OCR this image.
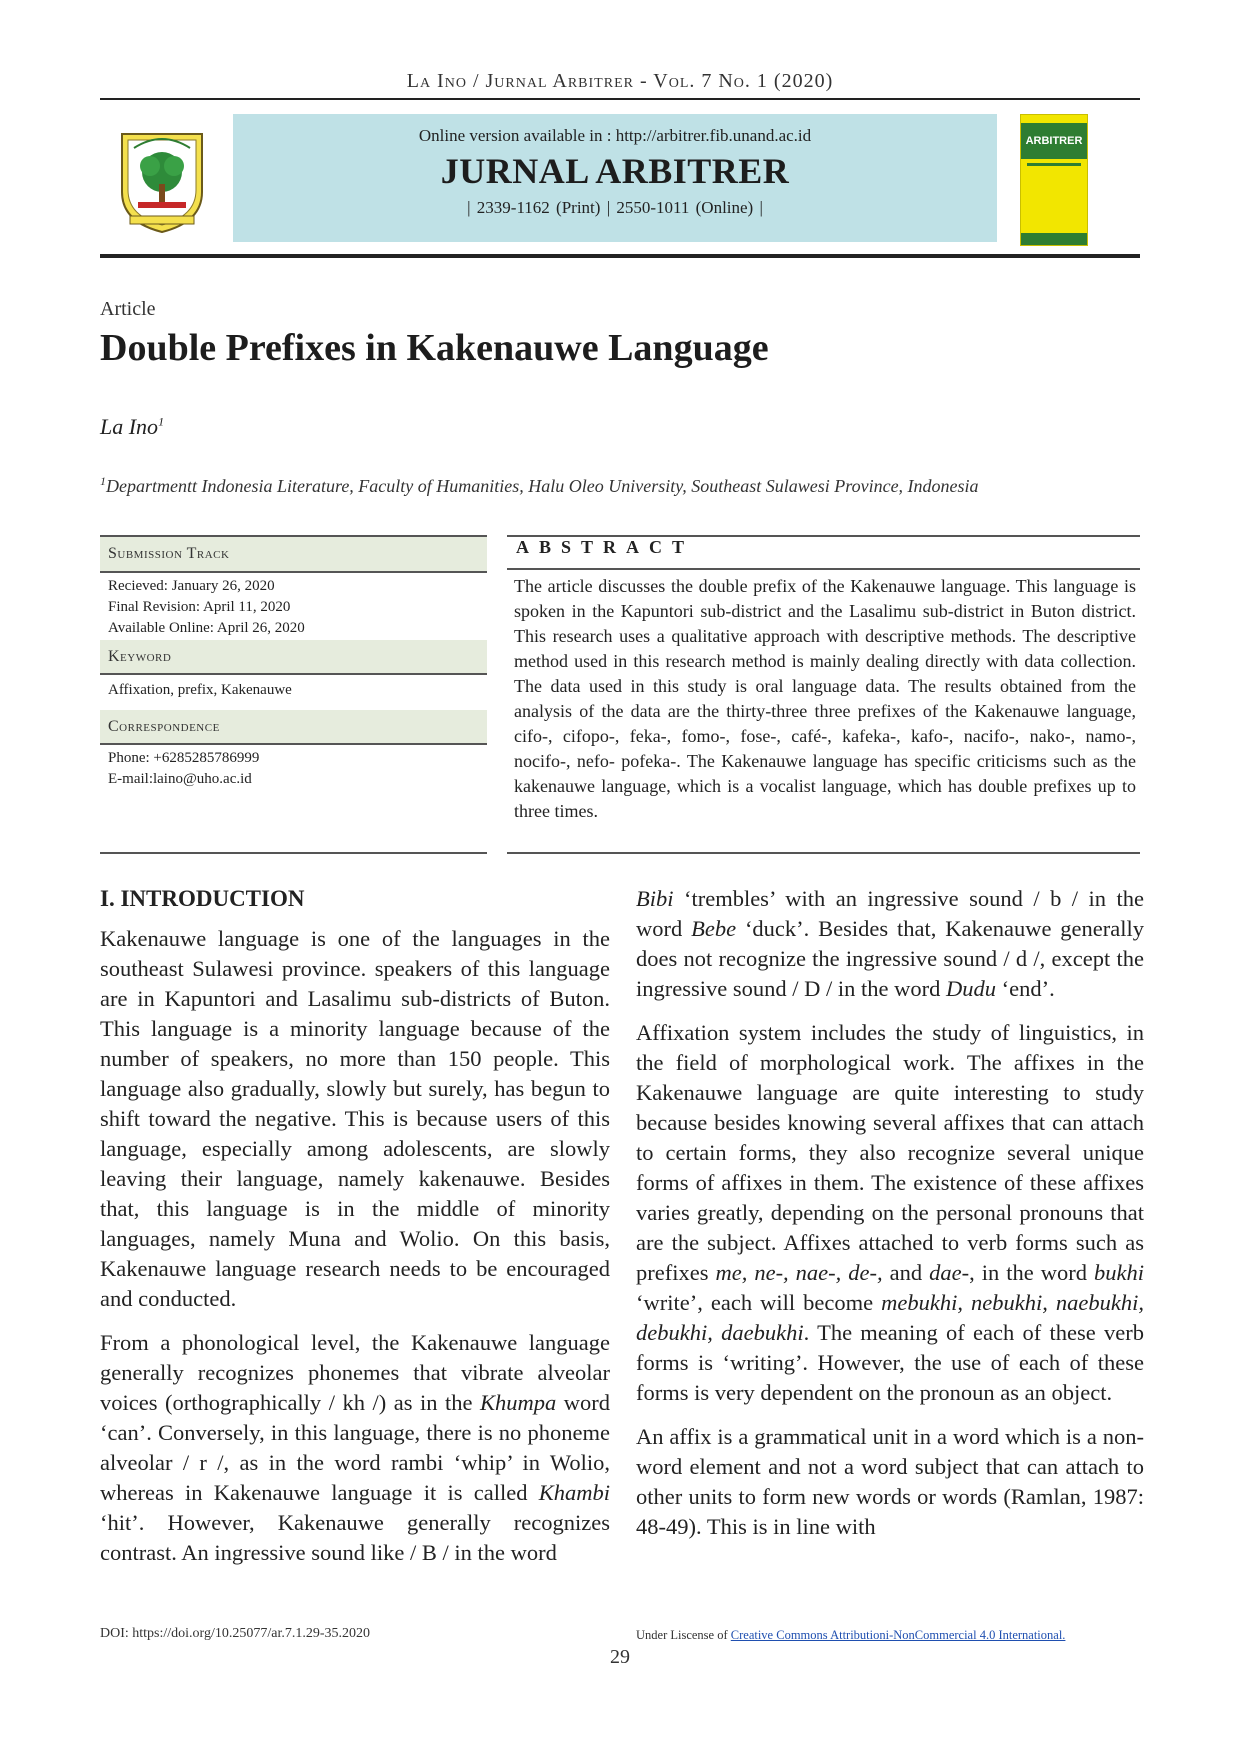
La Ino / Jurnal Arbitrer - Vol. 7 No. 1 (2020)
Online version available in : http://arbitrer.fib.unand.ac.id
JURNAL ARBITRER
| 2339-1162 (Print) | 2550-1011 (Online) |
ARBITRER
Article
Double Prefixes in Kakenauwe Language
La Ino$^1$
$^1$Departmentt Indonesia Literature, Faculty of Humanities, Halu Oleo University, Southeast Sulawesi Province, Indonesia
Submission Track
Recieved: January 26, 2020
Final Revision: April 11, 2020
Available Online: April 26, 2020
Keyword
Affixation, prefix, Kakenauwe
Correspondence
Phone: +6285285786999
E-mail:laino@uho.ac.id
ABSTRACT
The article discusses the double prefix of the Kakenauwe language. This language is spoken in the Kapuntori sub-district and the Lasalimu sub-district in Buton district. This research uses a qualitative approach with descriptive methods. The descriptive method used in this research method is mainly dealing directly with data collection. The data used in this study is oral language data. The results obtained from the analysis of the data are the thirty-three three prefixes of the Kakenauwe language, cifo-, cifopo-, feka-, fomo-, fose-, café-, kafeka-, kafo-, nacifo-, nako-, namo-, nocifo-, nefo- pofeka-. The Kakenauwe language has specific criticisms such as the kakenauwe language, which is a vocalist language, which has double prefixes up to three times.
I. INTRODUCTION

Kakenauwe language is one of the languages in the southeast Sulawesi province. speakers of this language are in Kapuntori and Lasalimu sub-districts of Buton. This language is a minority language because of the number of speakers, no more than 150 people. This language also gradually, slowly but surely, has begun to shift toward the negative. This is because users of this language, especially among adolescents, are slowly leaving their language, namely kakenauwe. Besides that, this language is in the middle of minority languages, namely Muna and Wolio. On this basis, Kakenauwe language research needs to be encouraged and conducted.

From a phonological level, the Kakenauwe language generally recognizes phonemes that vibrate alveolar voices (orthographically / kh /) as in the Khumpa word ‘can’. Conversely, in this language, there is no phoneme alveolar / r /, as in the word rambi ‘whip’ in Wolio, whereas in Kakenauwe language it is called Khambi ‘hit’. However, Kakenauwe generally recognizes contrast. An ingressive sound like / B / in the word

Bibi ‘trembles’ with an ingressive sound / b / in the word Bebe ‘duck’. Besides that, Kakenauwe generally does not recognize the ingressive sound / d /, except the ingressive sound / D / in the word Dudu ‘end’.

Affixation system includes the study of linguistics, in the field of morphological work. The affixes in the Kakenauwe language are quite interesting to study because besides knowing several affixes that can attach to certain forms, they also recognize several unique forms of affixes in them. The existence of these affixes varies greatly, depending on the personal pronouns that are the subject. Affixes attached to verb forms such as prefixes me, ne-, nae-, de-, and dae-, in the word bukhi ‘write’, each will become mebukhi, nebukhi, naebukhi, debukhi, daebukhi. The meaning of each of these verb forms is ‘writing’. However, the use of each of these forms is very dependent on the pronoun as an object.

An affix is a grammatical unit in a word which is a non-word element and not a word subject that can attach to other units to form new words or words (Ramlan, 1987: 48-49). This is in line with

DOI: https://doi.org/10.25077/ar.7.1.29-35.2020	Under Liscense of Creative Commons Attributioni-NonCommercial 4.0 International.
29
